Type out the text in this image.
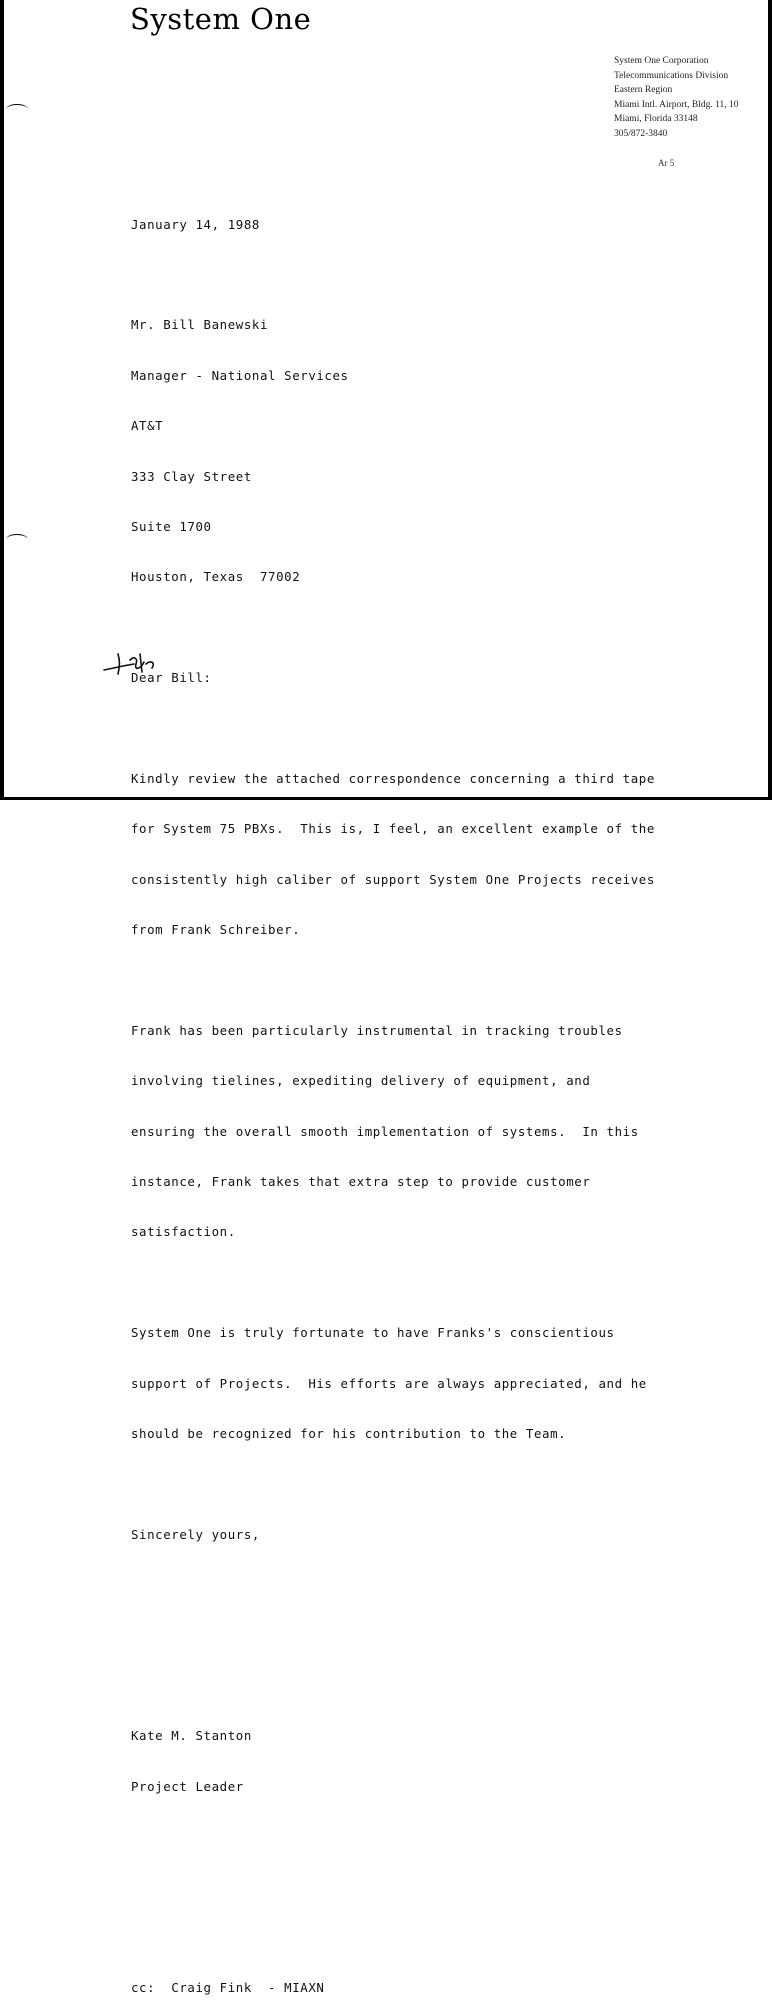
System One
System One Corporation
Telecommunications Division
Eastern Region
Miami Intl. Airport, Bldg. 11, 10
Miami, Florida 33148
305/872-3840
Ar 5

January 14, 1988

Mr. Bill Banewski

Manager - National Services

AT&T

333 Clay Street

Suite 1700

Houston, Texas  77002

Dear Bill:

Kindly review the attached correspondence concerning a third tape

for System 75 PBXs.  This is, I feel, an excellent example of the

consistently high caliber of support System One Projects receives

from Frank Schreiber.

Frank has been particularly instrumental in tracking troubles

involving tielines, expediting delivery of equipment, and

ensuring the overall smooth implementation of systems.  In this

instance, Frank takes that extra step to provide customer

satisfaction.

System One is truly fortunate to have Franks's conscientious

support of Projects.  His efforts are always appreciated, and he

should be recognized for his contribution to the Team.

Sincerely yours,

Kate M. Stanton

Project Leader

cc:  Craig Fink  - MIAXN
